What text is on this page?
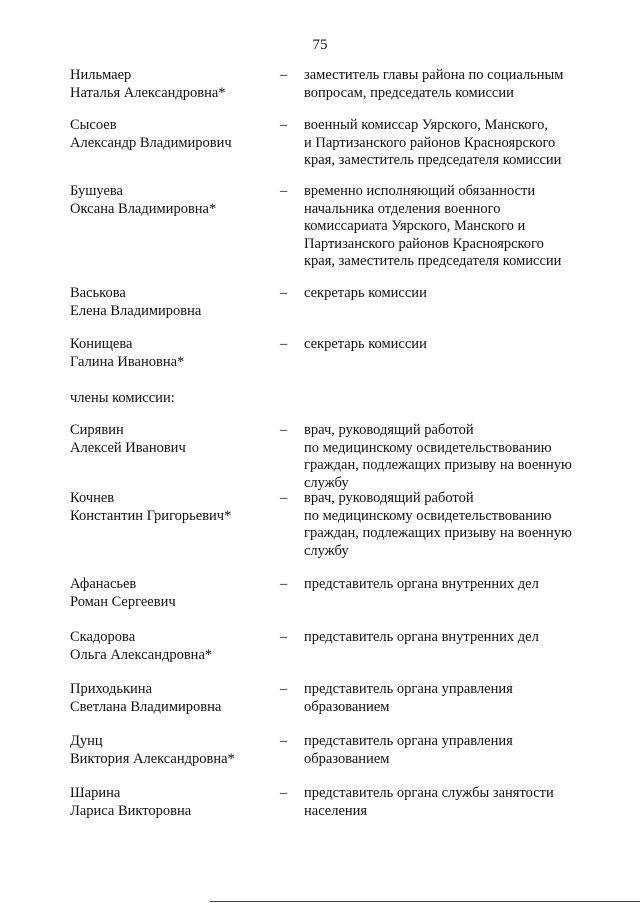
75
Нильмаер
Наталья Александровна*
– заместитель главы района по социальным
вопросам, председатель комиссии
Сысоев
Александр Владимирович
– военный комиссар Уярского, Манского,
и Партизанского районов Красноярского
края, заместитель председателя комиссии
Бушуева
Оксана Владимировна*
– временно исполняющий обязанности
начальника отделения военного
комиссариата Уярского, Манского и
Партизанского районов Красноярского
края, заместитель председателя комиссии
Васькова
Елена Владимировна
– секретарь комиссии
Конищева
Галина Ивановна*
– секретарь комиссии
члены комиссии:
Сирявин
Алексей Иванович
– врач, руководящий работой
по медицинскому освидетельствованию
граждан, подлежащих призыву на военную
службу
Кочнев
Константин Григорьевич*
– врач, руководящий работой
по медицинскому освидетельствованию
граждан, подлежащих призыву на военную
службу
Афанасьев
Роман Сергеевич
– представитель органа внутренних дел
Скадорова
Ольга Александровна*
– представитель органа внутренних дел
Приходькина
Светлана Владимировна
– представитель органа управления
образованием
Дунц
Виктория Александровна*
– представитель органа управления
образованием
Шарина
Лариса Викторовна
– представитель органа службы занятости
населения
